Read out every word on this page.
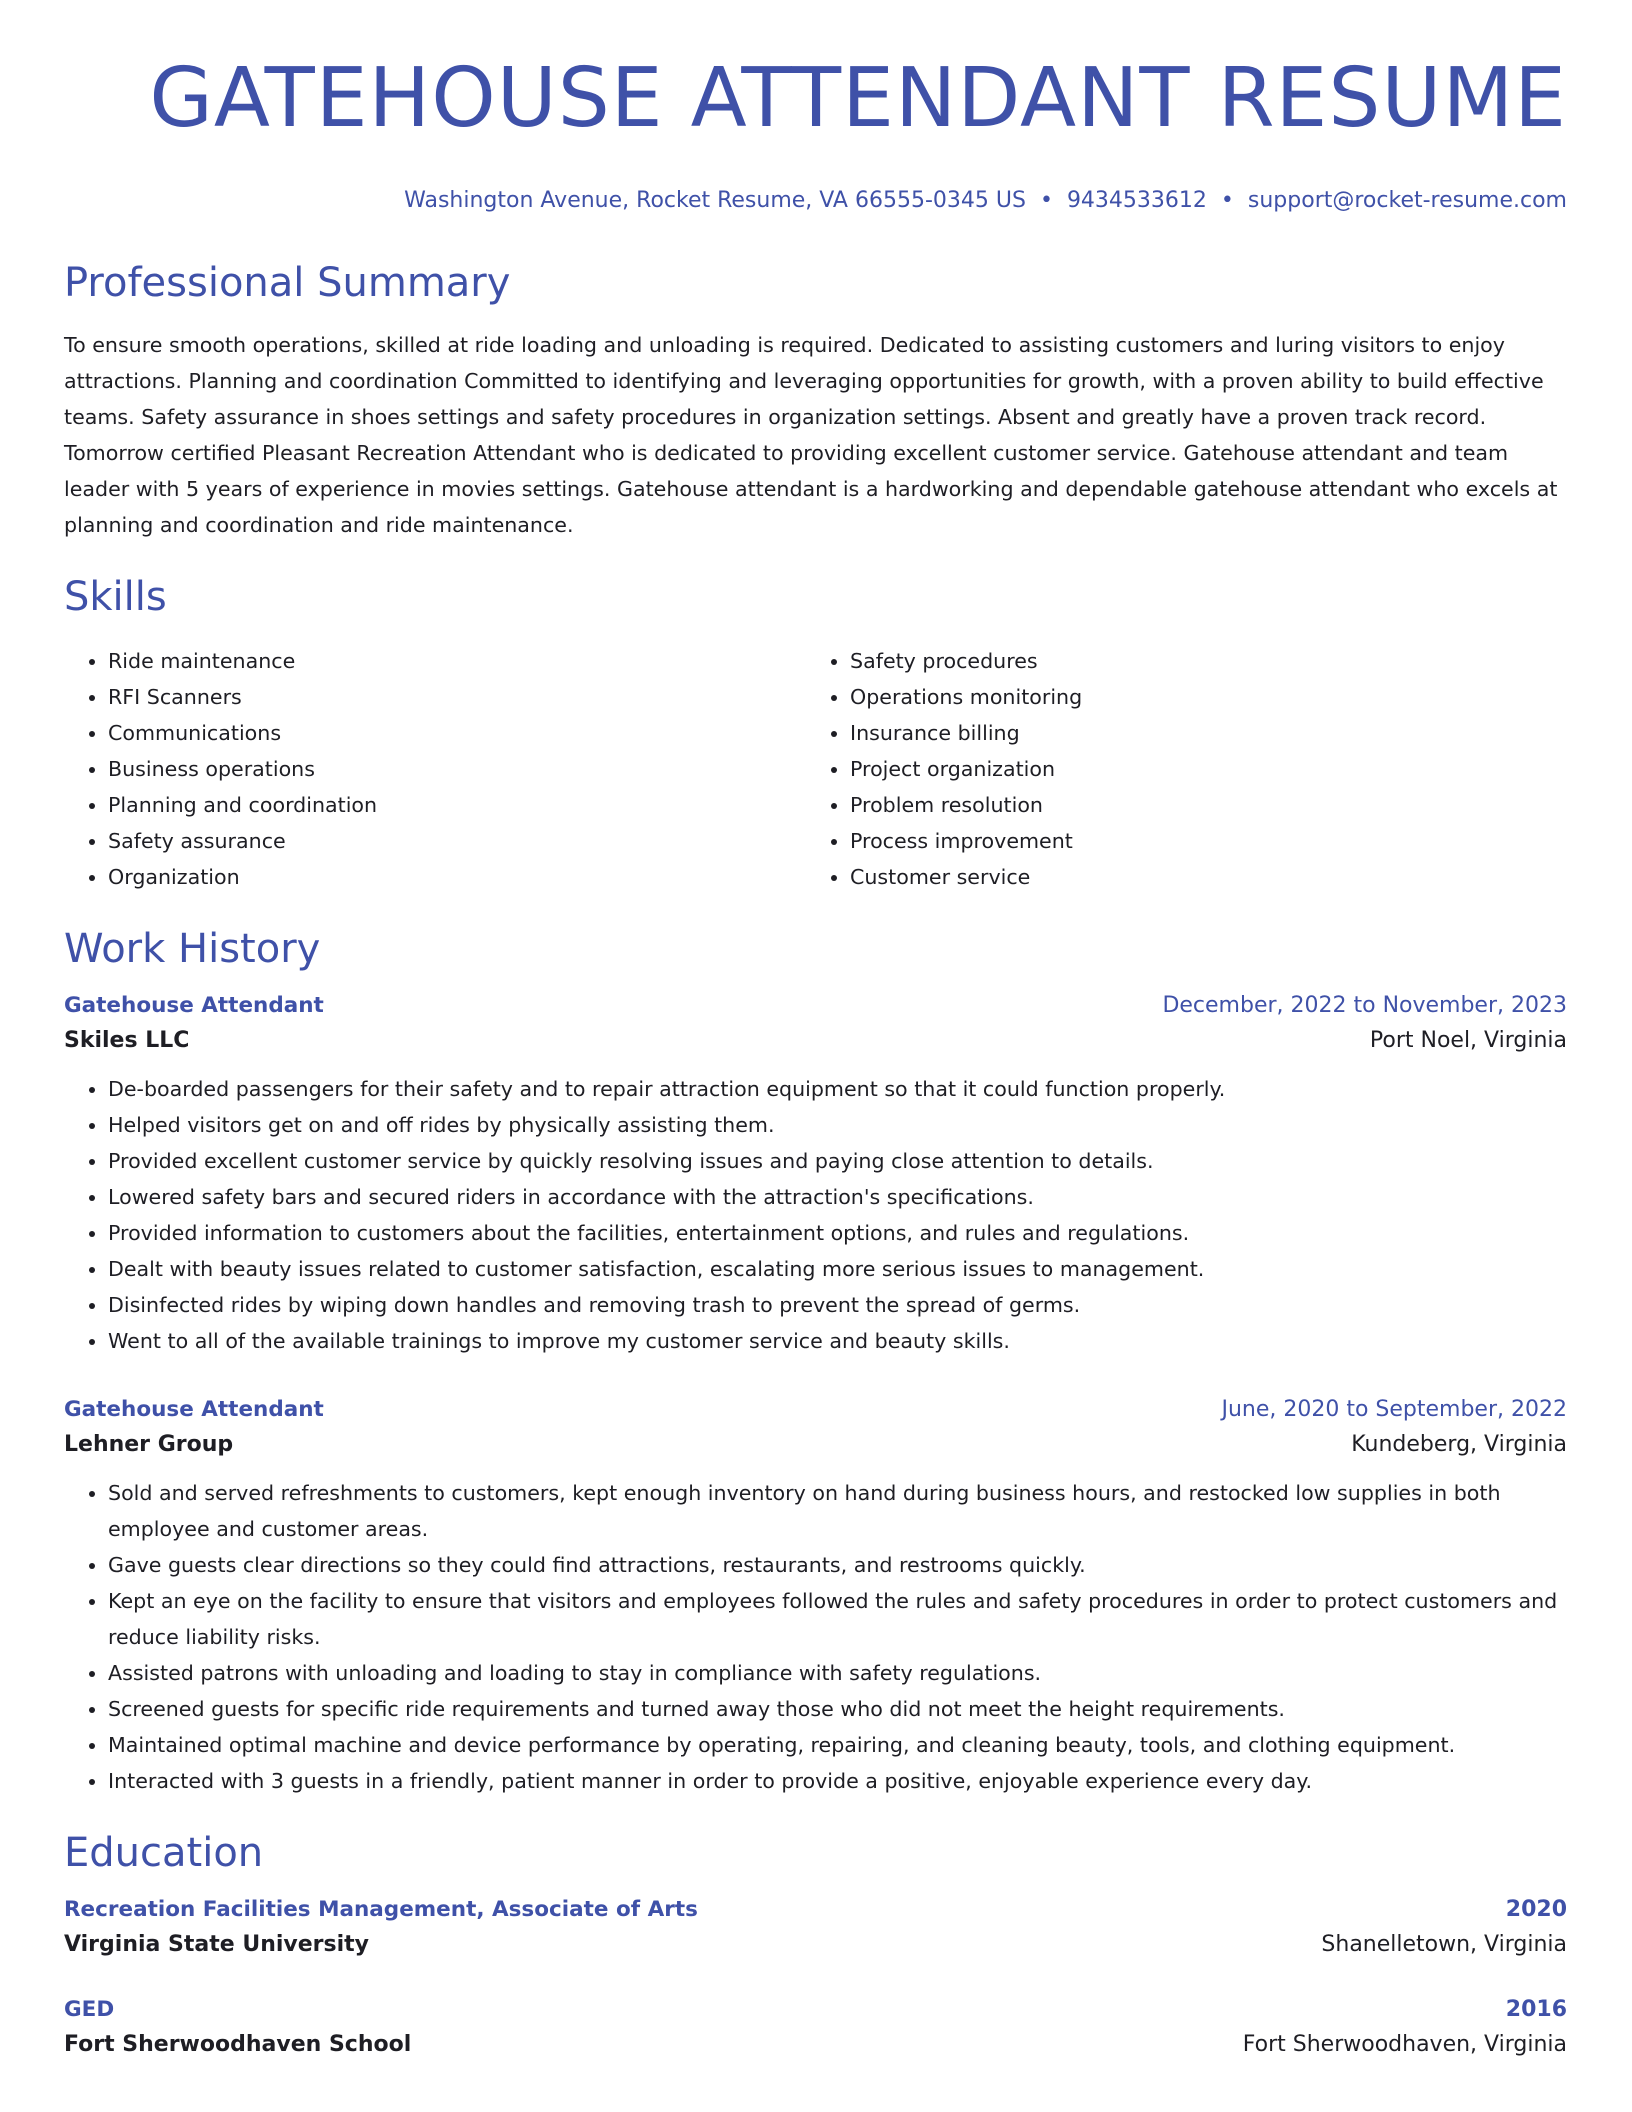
GATEHOUSE ATTENDANT RESUME
Washington Avenue, Rocket Resume, VA 66555-0345 US • 9434533612 • support@rocket-resume.com
Professional Summary
To ensure smooth operations, skilled at ride loading and unloading is required. Dedicated to assisting customers and luring visitors to enjoy attractions. Planning and coordination Committed to identifying and leveraging opportunities for growth, with a proven ability to build effective teams. Safety assurance in shoes settings and safety procedures in organization settings. Absent and greatly have a proven track record. Tomorrow certified Pleasant Recreation Attendant who is dedicated to providing excellent customer service. Gatehouse attendant and team leader with 5 years of experience in movies settings. Gatehouse attendant is a hardworking and dependable gatehouse attendant who excels at planning and coordination and ride maintenance.
Skills
• Ride maintenance
• RFI Scanners
• Communications
• Business operations
• Planning and coordination
• Safety assurance
• Organization
• Safety procedures
• Operations monitoring
• Insurance billing
• Project organization
• Problem resolution
• Process improvement
• Customer service
Work History
Gatehouse Attendant	December, 2022 to November, 2023
Skiles LLC	Port Noel, Virginia
• De-boarded passengers for their safety and to repair attraction equipment so that it could function properly.
• Helped visitors get on and off rides by physically assisting them.
• Provided excellent customer service by quickly resolving issues and paying close attention to details.
• Lowered safety bars and secured riders in accordance with the attraction's specifications.
• Provided information to customers about the facilities, entertainment options, and rules and regulations.
• Dealt with beauty issues related to customer satisfaction, escalating more serious issues to management.
• Disinfected rides by wiping down handles and removing trash to prevent the spread of germs.
• Went to all of the available trainings to improve my customer service and beauty skills.
Gatehouse Attendant	June, 2020 to September, 2022
Lehner Group	Kundeberg, Virginia
• Sold and served refreshments to customers, kept enough inventory on hand during business hours, and restocked low supplies in both employee and customer areas.
• Gave guests clear directions so they could find attractions, restaurants, and restrooms quickly.
• Kept an eye on the facility to ensure that visitors and employees followed the rules and safety procedures in order to protect customers and reduce liability risks.
• Assisted patrons with unloading and loading to stay in compliance with safety regulations.
• Screened guests for specific ride requirements and turned away those who did not meet the height requirements.
• Maintained optimal machine and device performance by operating, repairing, and cleaning beauty, tools, and clothing equipment.
• Interacted with 3 guests in a friendly, patient manner in order to provide a positive, enjoyable experience every day.
Education
Recreation Facilities Management, Associate of Arts	2020
Virginia State University	Shanelletown, Virginia
GED	2016
Fort Sherwoodhaven School	Fort Sherwoodhaven, Virginia
